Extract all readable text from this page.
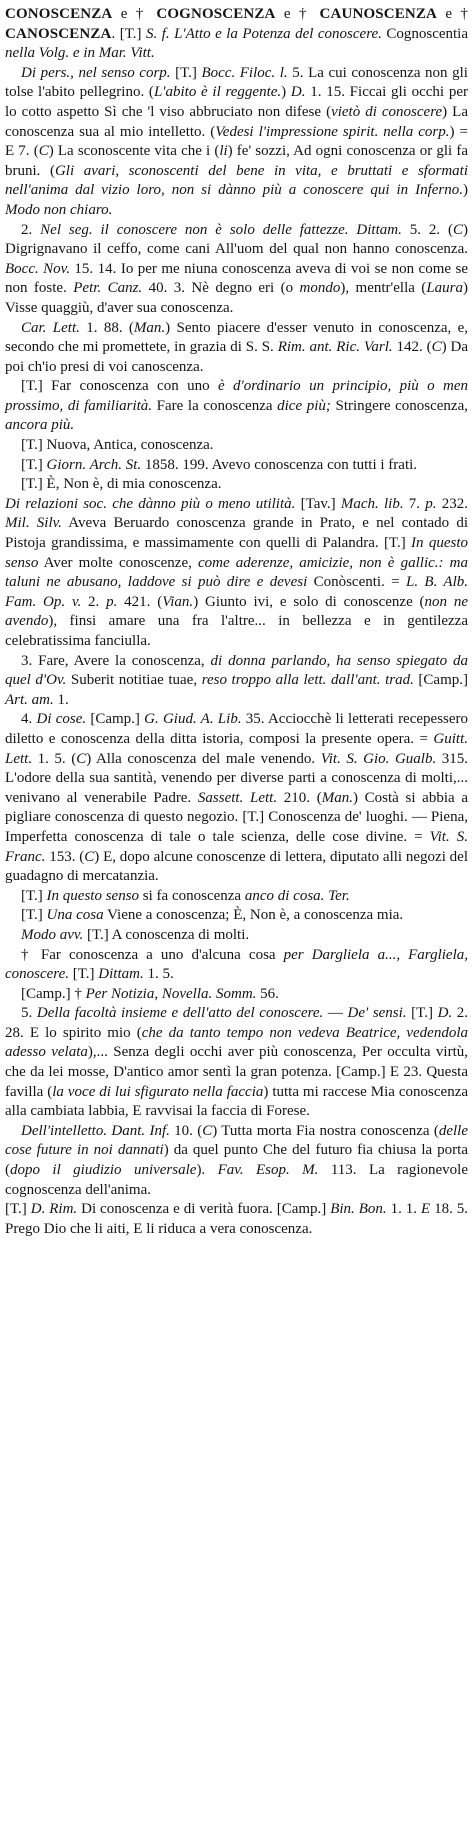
CONOSCENZA e † COGNOSCENZA e † CAUNOSCENZA e † CANOSCENZA. [T.] S. f. L'Atto e la Potenza del conoscere. Cognoscentia nella Volg. e in Mar. Vitt.

Di pers., nel senso corp. [T.] Bocc. Filoc. l. 5. La cui conoscenza non gli tolse l'abito pellegrino. (L'abito è il reggente.) D. 1. 15. Ficcai gli occhi per lo cotto aspetto Sì che 'l viso abbruciato non difese (vietò di conoscere) La conoscenza sua al mio intelletto. (Vedesi l'impressione spirit. nella corp.) = E 7. (C) La sconoscente vita che i (li) fe' sozzi, Ad ogni conoscenza or gli fa bruni. (Gli avari, sconoscenti del bene in vita, e bruttati e sformati nell'anima dal vizio loro, non si dànno più a conoscere qui in Inferno.) Modo non chiaro.

2. Nel seg. il conoscere non è solo delle fattezze. Dittam. 5. 2. (C) Digrignavano il ceffo, come cani All'uom del qual non hanno conoscenza. Bocc. Nov. 15. 14. Io per me niuna conoscenza aveva di voi se non come se non foste. Petr. Canz. 40. 3. Nè degno eri (o mondo), mentr'ella (Laura) Visse quaggiù, d'aver sua conoscenza.

Car. Lett. 1. 88. (Man.) Sento piacere d'esser venuto in conoscenza, e, secondo che mi promettete, in grazia di S. S. Rim. ant. Ric. Varl. 142. (C) Da poi ch'io presi di voi canoscenza.

[T.] Far conoscenza con uno è d'ordinario un principio, più o men prossimo, di familiarità. Fare la conoscenza dice più; Stringere conoscenza, ancora più.

[T.] Nuova, Antica, conoscenza.

[T.] Giorn. Arch. St. 1858. 199. Avevo conoscenza con tutti i frati.

[T.] È, Non è, di mia conoscenza.

Di relazioni soc. che dànno più o meno utilità. [Tav.] Mach. lib. 7. p. 232. Mil. Silv. Aveva Beruardo conoscenza grande in Prato, e nel contado di Pistoja grandissima, e massimamente con quelli di Palandra. [T.] In questo senso Aver molte conoscenze, come aderenze, amicizie, non è gallic.: ma taluni ne abusano, laddove si può dire e devesi Conòscenti. = L. B. Alb. Fam. Op. v. 2. p. 421. (Vian.) Giunto ivi, e solo di conoscenze (non ne avendo), finsi amare una fra l'altre... in bellezza e in gentilezza celebratissima fanciulla.

3. Fare, Avere la conoscenza, di donna parlando, ha senso spiegato da quel d'Ov. Suberit notitiae tuae, reso troppo alla lett. dall'ant. trad. [Camp.] Art. am. 1.

4. Di cose. [Camp.] G. Giud. A. Lib. 35. Acciocchè li letterati recepessero diletto e conoscenza della ditta istoria, composi la presente opera. = Guitt. Lett. 1. 5. (C) Alla conoscenza del male venendo. Vit. S. Gio. Gualb. 315. L'odore della sua santità, venendo per diverse parti a conoscenza di molti,... venivano al venerabile Padre. Sassett. Lett. 210. (Man.) Costà si abbia a pigliare conoscenza di questo negozio. [T.] Conoscenza de' luoghi. — Piena, Imperfetta conoscenza di tale o tale scienza, delle cose divine. = Vit. S. Franc. 153. (C) E, dopo alcune conoscenze di lettera, diputato alli negozi del guadagno di mercatanzia.

[T.] In questo senso si fa conoscenza anco di cosa. Ter.

[T.] Una cosa Viene a conoscenza; È, Non è, a conoscenza mia.

Modo avv. [T.] A conoscenza di molti.

† Far conoscenza a uno d'alcuna cosa per Dargliela a..., Fargliela, conoscere. [T.] Dittam. 1. 5.

[Camp.] † Per Notizia, Novella. Somm. 56.

5. Della facoltà insieme e dell'atto del conoscere. — De' sensi. [T.] D. 2. 28. E lo spirito mio (che da tanto tempo non vedeva Beatrice, vedendola adesso velata),... Senza degli occhi aver più conoscenza, Per occulta virtù, che da lei mosse, D'antico amor sentì la gran potenza. [Camp.] E 23. Questa favilla (la voce di lui sfigurato nella faccia) tutta mi raccese Mia conoscenza alla cambiata labbia, E ravvisai la faccia di Forese.

Dell'intelletto. Dant. Inf. 10. (C) Tutta morta Fia nostra conoscenza (delle cose future in noi dannati) da quel punto Che del futuro fia chiusa la porta (dopo il giudizio universale). Fav. Esop. M. 113. La ragionevole cognoscenza dell'anima.

[T.] D. Rim. Di conoscenza e di verità fuora. [Camp.] Bin. Bon. 1. 1. E 18. 5. Prego Dio che li aiti, E li riduca a vera conoscenza.
